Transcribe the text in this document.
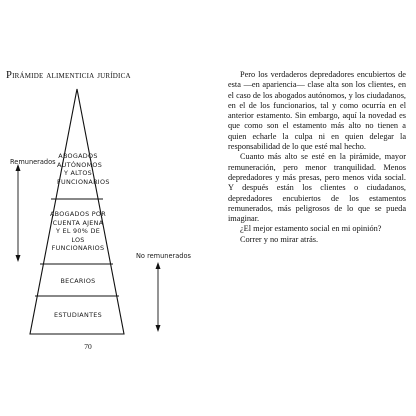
Pirámide alimenticia jurídica
ABOGADOS AUTÓNOMOS Y ALTOS FUNCIONARIOS
ABOGADOS POR CUENTA AJENA Y EL 90% DE LOS FUNCIONARIOS
BECARIOS
ESTUDIANTES
Remunerados
No remunerados
70

Pero los verdaderos depredadores encubiertos de esta —en apariencia— clase alta son los clientes, en el caso de los abogados autónomos, y los ciudadanos, en el de los funcionarios, tal y como ocurría en el anterior estamento. Sin embargo, aquí la novedad es que como son el estamento más alto no tienen a quien echarle la culpa ni en quien delegar la responsabilidad de lo que esté mal hecho.

Cuanto más alto se esté en la pirámide, mayor remuneración, pero menor tranquilidad. Menos depredadores y más presas, pero menos vida social. Y después están los clientes o ciudadanos, depredadores encubiertos de los estamentos remunerados, más peligrosos de lo que se pueda imaginar.

¿El mejor estamento social en mi opinión?

Correr y no mirar atrás.
